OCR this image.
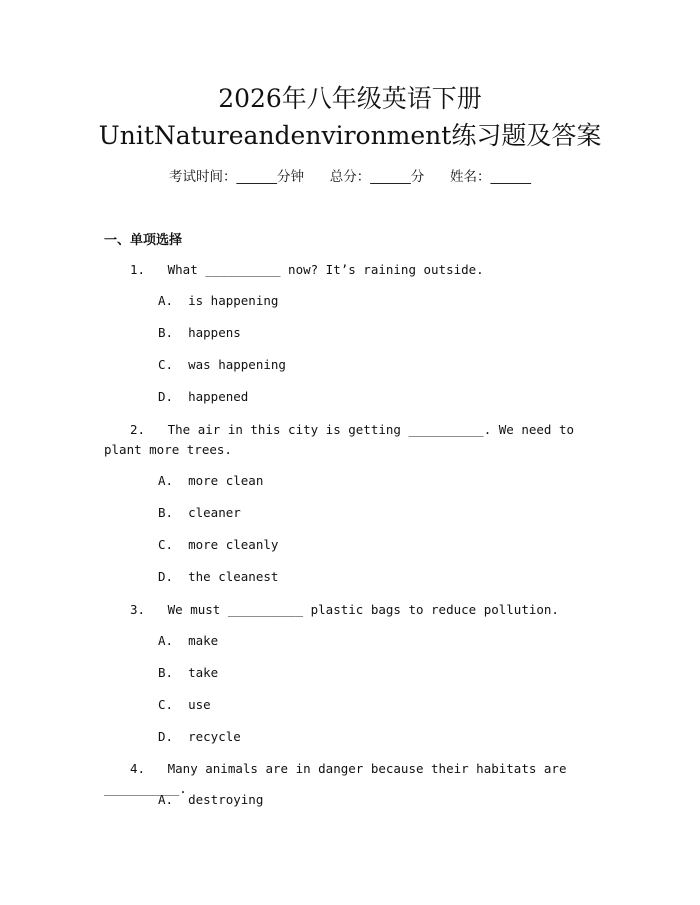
2026年八年级英语下册
UnitNatureandenvironment练习题及答案
考试时间：______分钟      总分：______分      姓名：______
一、单项选择
1.   What __________ now? It’s raining outside.
A.  is happening
B.  happens
C.  was happening
D.  happened
2.   The air in this city is getting __________. We need to plant more trees.
A.  more clean
B.  cleaner
C.  more cleanly
D.  the cleanest
3.   We must __________ plastic bags to reduce pollution.
A.  make
B.  take
C.  use
D.  recycle
4.   Many animals are in danger because their habitats are __________.
A.  destroying
